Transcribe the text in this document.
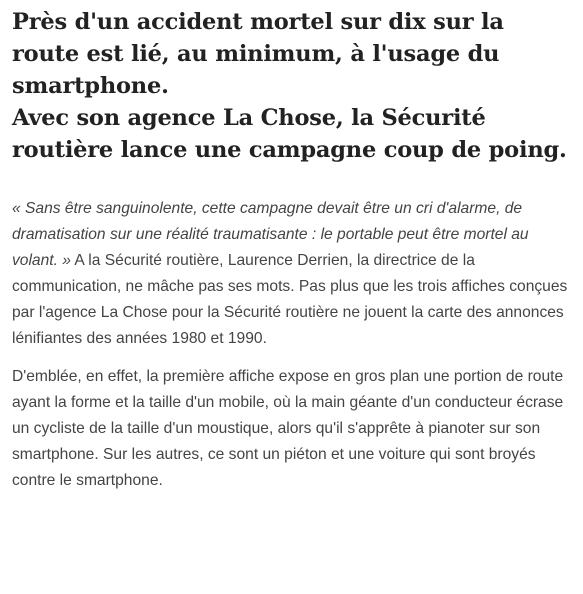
Près d'un accident mortel sur dix sur la route est lié, au minimum, à l'usage du smartphone.
Avec son agence La Chose, la Sécurité routière lance une campagne coup de poing.

« Sans être sanguinolente, cette campagne devait être un cri d'alarme, de dramatisation sur une réalité traumatisante : le portable peut être mortel au volant. » A la Sécurité routière, Laurence Derrien, la directrice de la communication, ne mâche pas ses mots. Pas plus que les trois affiches conçues par l'agence La Chose pour la Sécurité routière ne jouent la carte des annonces lénifiantes des années 1980 et 1990.

D'emblée, en effet, la première affiche expose en gros plan une portion de route ayant la forme et la taille d'un mobile, où la main géante d'un conducteur écrase un cycliste de la taille d'un moustique, alors qu'il s'apprête à pianoter sur son smartphone. Sur les autres, ce sont un piéton et une voiture qui sont broyés contre le smartphone.
